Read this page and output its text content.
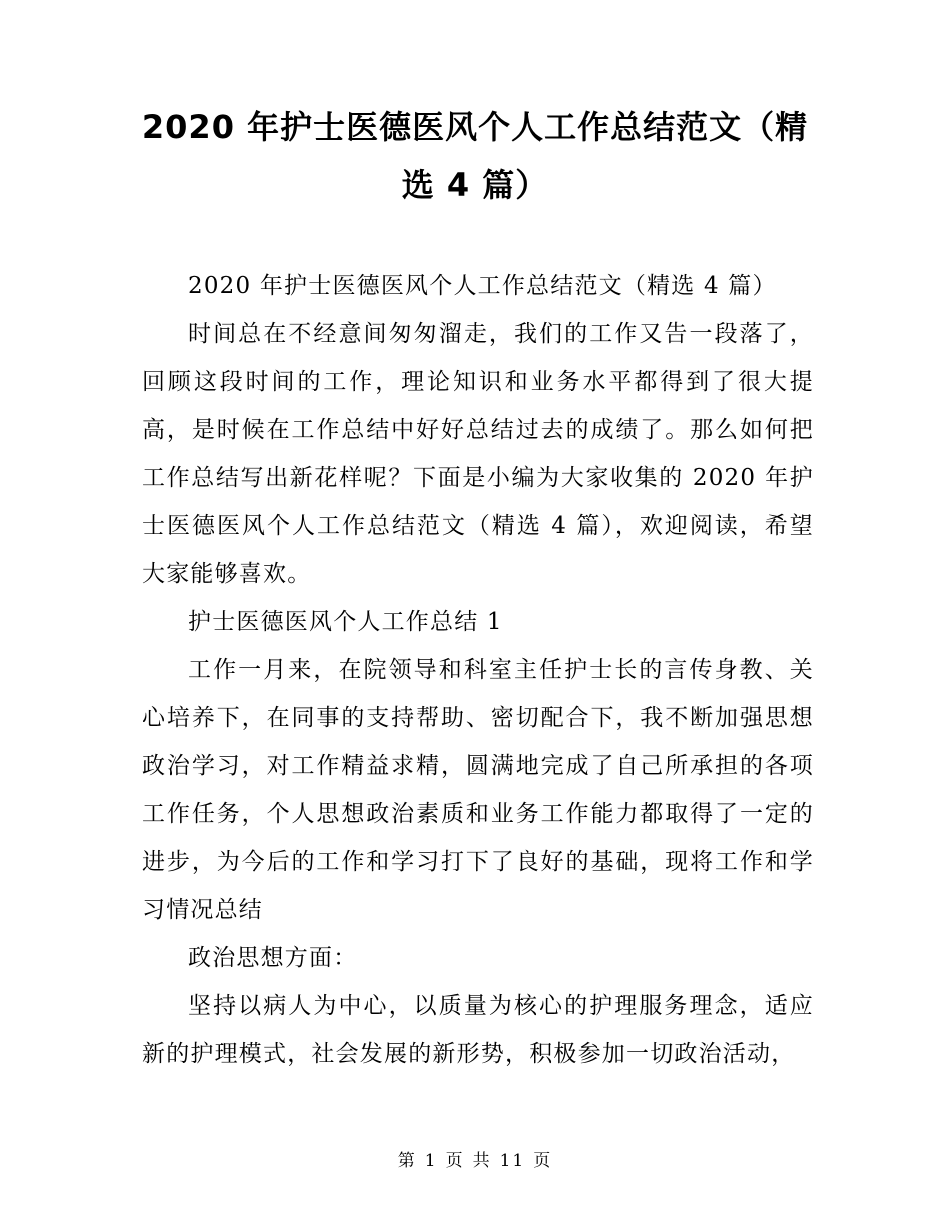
2020 年护士医德医风个人工作总结范文（精
选 4 篇）

2020 年护士医德医风个人工作总结范文（精选 4 篇）

时间总在不经意间匆匆溜走，我们的工作又告一段落了，回顾这段时间的工作，理论知识和业务水平都得到了很大提高，是时候在工作总结中好好总结过去的成绩了。那么如何把工作总结写出新花样呢？下面是小编为大家收集的 2020 年护士医德医风个人工作总结范文（精选 4 篇），欢迎阅读，希望大家能够喜欢。

护士医德医风个人工作总结 1

工作一月来，在院领导和科室主任护士长的言传身教、关心培养下，在同事的支持帮助、密切配合下，我不断加强思想政治学习，对工作精益求精，圆满地完成了自己所承担的各项工作任务，个人思想政治素质和业务工作能力都取得了一定的进步，为今后的工作和学习打下了良好的基础，现将工作和学习情况总结

政治思想方面：

坚持以病人为中心，以质量为核心的护理服务理念，适应新的护理模式，社会发展的新形势，积极参加一切政治活动，

第 1 页 共 11 页
